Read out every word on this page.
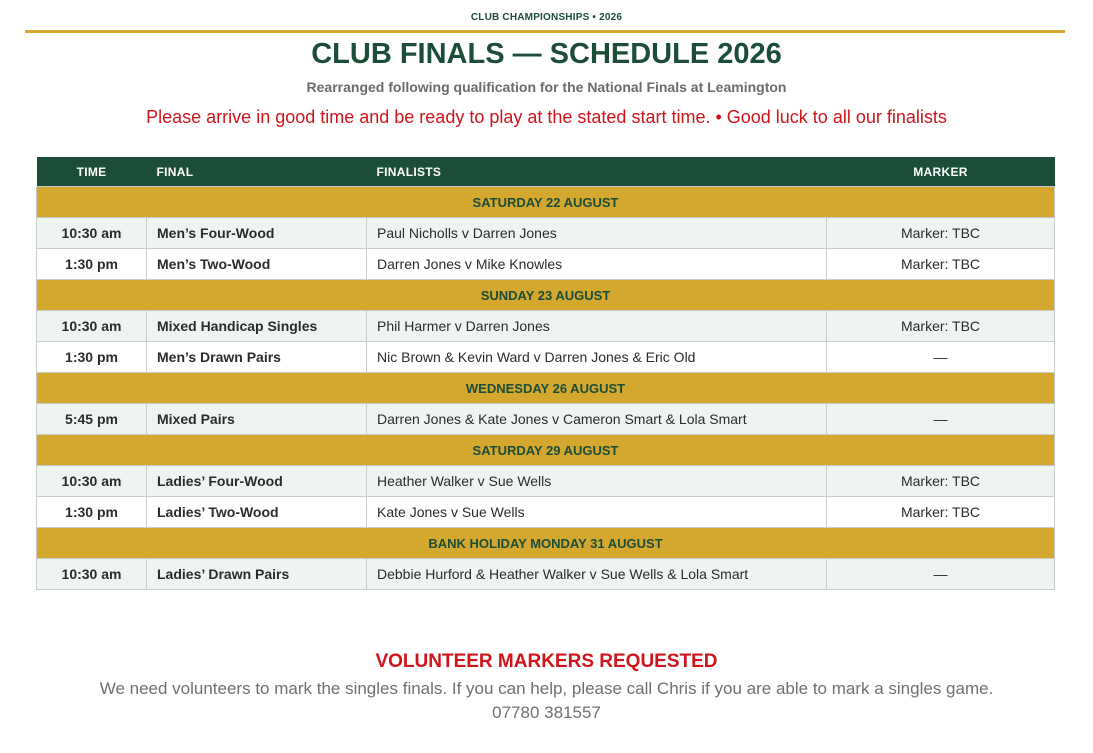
CLUB CHAMPIONSHIPS • 2026
CLUB FINALS — SCHEDULE 2026
Rearranged following qualification for the National Finals at Leamington
Please arrive in good time and be ready to play at the stated start time. • Good luck to all our finalists
TIME	FINAL	FINALISTS	MARKER
SATURDAY 22 AUGUST			
10:30 am	Men’s Four-Wood	Paul Nicholls v Darren Jones	Marker: TBC
1:30 pm	Men’s Two-Wood	Darren Jones v Mike Knowles	Marker: TBC
SUNDAY 23 AUGUST			
10:30 am	Mixed Handicap Singles	Phil Harmer v Darren Jones	Marker: TBC
1:30 pm	Men’s Drawn Pairs	Nic Brown & Kevin Ward v Darren Jones & Eric Old	—
WEDNESDAY 26 AUGUST			
5:45 pm	Mixed Pairs	Darren Jones & Kate Jones v Cameron Smart & Lola Smart	—
SATURDAY 29 AUGUST			
10:30 am	Ladies’ Four-Wood	Heather Walker v Sue Wells	Marker: TBC
1:30 pm	Ladies’ Two-Wood	Kate Jones v Sue Wells	Marker: TBC
BANK HOLIDAY MONDAY 31 AUGUST			
10:30 am	Ladies’ Drawn Pairs	Debbie Hurford & Heather Walker v Sue Wells & Lola Smart	—
VOLUNTEER MARKERS REQUESTED
We need volunteers to mark the singles finals. If you can help, please call Chris if you are able to mark a singles game.
07780 381557
